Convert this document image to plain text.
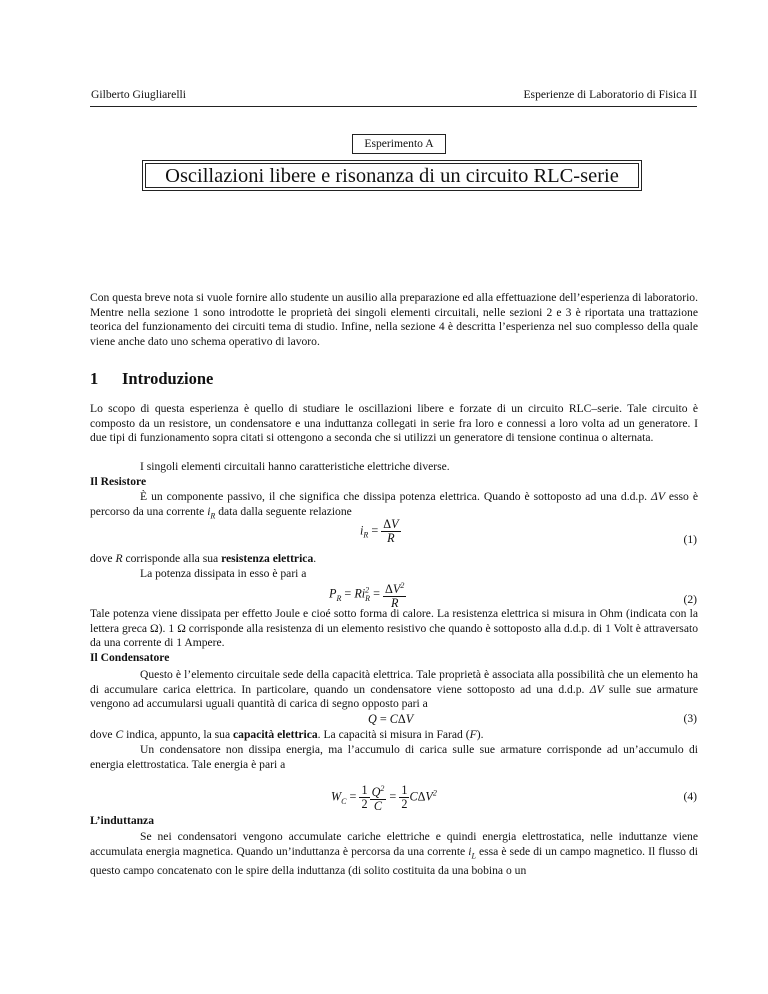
Gilberto Giugliarelli	Esperienze di Laboratorio di Fisica II
Esperimento A
Oscillazioni libere e risonanza di un circuito RLC-serie
Con questa breve nota si vuole fornire allo studente un ausilio alla preparazione ed alla effettuazione dell’esperienza di laboratorio. Mentre nella sezione 1 sono introdotte le proprietà dei singoli elementi circuitali, nelle sezioni 2 e 3 è riportata una trattazione teorica del funzionamento dei circuiti tema di studio. Infine, nella sezione 4 è descritta l’esperienza nel suo complesso della quale viene anche dato uno schema operativo di lavoro.
1 Introduzione
Lo scopo di questa esperienza è quello di studiare le oscillazioni libere e forzate di un circuito RLC–serie. Tale circuito è composto da un resistore, un condensatore e una induttanza collegati in serie fra loro e connessi a loro volta ad un generatore. I due tipi di funzionamento sopra citati si ottengono a seconda che si utilizzi un generatore di tensione continua o alternata.
I singoli elementi circuitali hanno caratteristiche elettriche diverse.
Il Resistore
È un componente passivo, il che significa che dissipa potenza elettrica. Quando è sottoposto ad una d.d.p. ΔV esso è percorso da una corrente $i_R$ data dalla seguente relazione
$i_R = \frac{\Delta V}{R}$	(1)
dove R corrisponde alla sua resistenza elettrica.
La potenza dissipata in esso è pari a
$P_R = Ri^2_R = \frac{\Delta V^2}{R}$	(2)
Tale potenza viene dissipata per effetto Joule e cioé sotto forma di calore. La resistenza elettrica si misura in Ohm (indicata con la lettera greca Ω). 1 Ω corrisponde alla resistenza di un elemento resistivo che quando è sottoposto alla d.d.p. di 1 Volt è attraversato da una corrente di 1 Ampere.
Il Condensatore
Questo è l’elemento circuitale sede della capacità elettrica. Tale proprietà è associata alla possibilità che un elemento ha di accumulare carica elettrica. In particolare, quando un condensatore viene sottoposto ad una d.d.p. ΔV sulle sue armature vengono ad accumularsi uguali quantità di carica di segno opposto pari a
Q = CΔV	(3)
dove C indica, appunto, la sua capacità elettrica. La capacità si misura in Farad (F).
Un condensatore non dissipa energia, ma l’accumulo di carica sulle sue armature corrisponde ad un’accumulo di energia elettrostatica. Tale energia è pari a
$W_C = \frac{1}{2} \frac{Q^2}{C} = \frac{1}{2} C\Delta V^2$	(4)
L’induttanza
Se nei condensatori vengono accumulate cariche elettriche e quindi energia elettrostatica, nelle induttanze viene accumulata energia magnetica. Quando un’induttanza è percorsa da una corrente $i_L$ essa è sede di un campo magnetico. Il flusso di questo campo concatenato con le spire della induttanza (di solito costituita da una bobina o un
